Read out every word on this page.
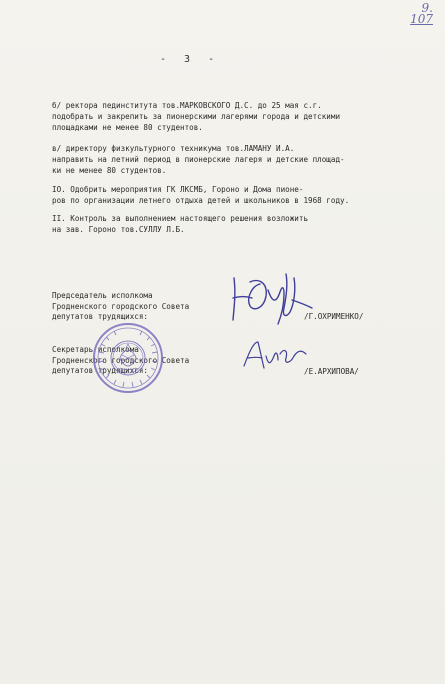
9.
107
- 3 -
б/ ректора пединститута тов.МАРКОВСКОГО Д.С. до 25 мая с.г.
подобрать и закрепить за пионерскими лагерями города и детскими
площадками не менее 80 студентов.
в/ директору физкультурного техникума тов.ЛАМАНУ И.А.
направить на летний период в пионерские лагеря и детские площад-
ки не менее 80 студентов.
IO. Одобрить мероприятия ГК ЛКСМБ, Гороно и Дома пионе-
ров по организации летнего отдыха детей и школьников в 1968 году.
II. Контроль за выполнением настоящего решения возложить
на зав. Гороно тов.СУЛЛУ Л.Б.
Председатель исполкома
Гродненского городского Совета
депутатов трудящихся:	/Г.ОХРИМЕНКО/
Секретарь исполкома
Гродненского городского Совета
депутатов трудящихся:	/Е.АРХИПОВА/
